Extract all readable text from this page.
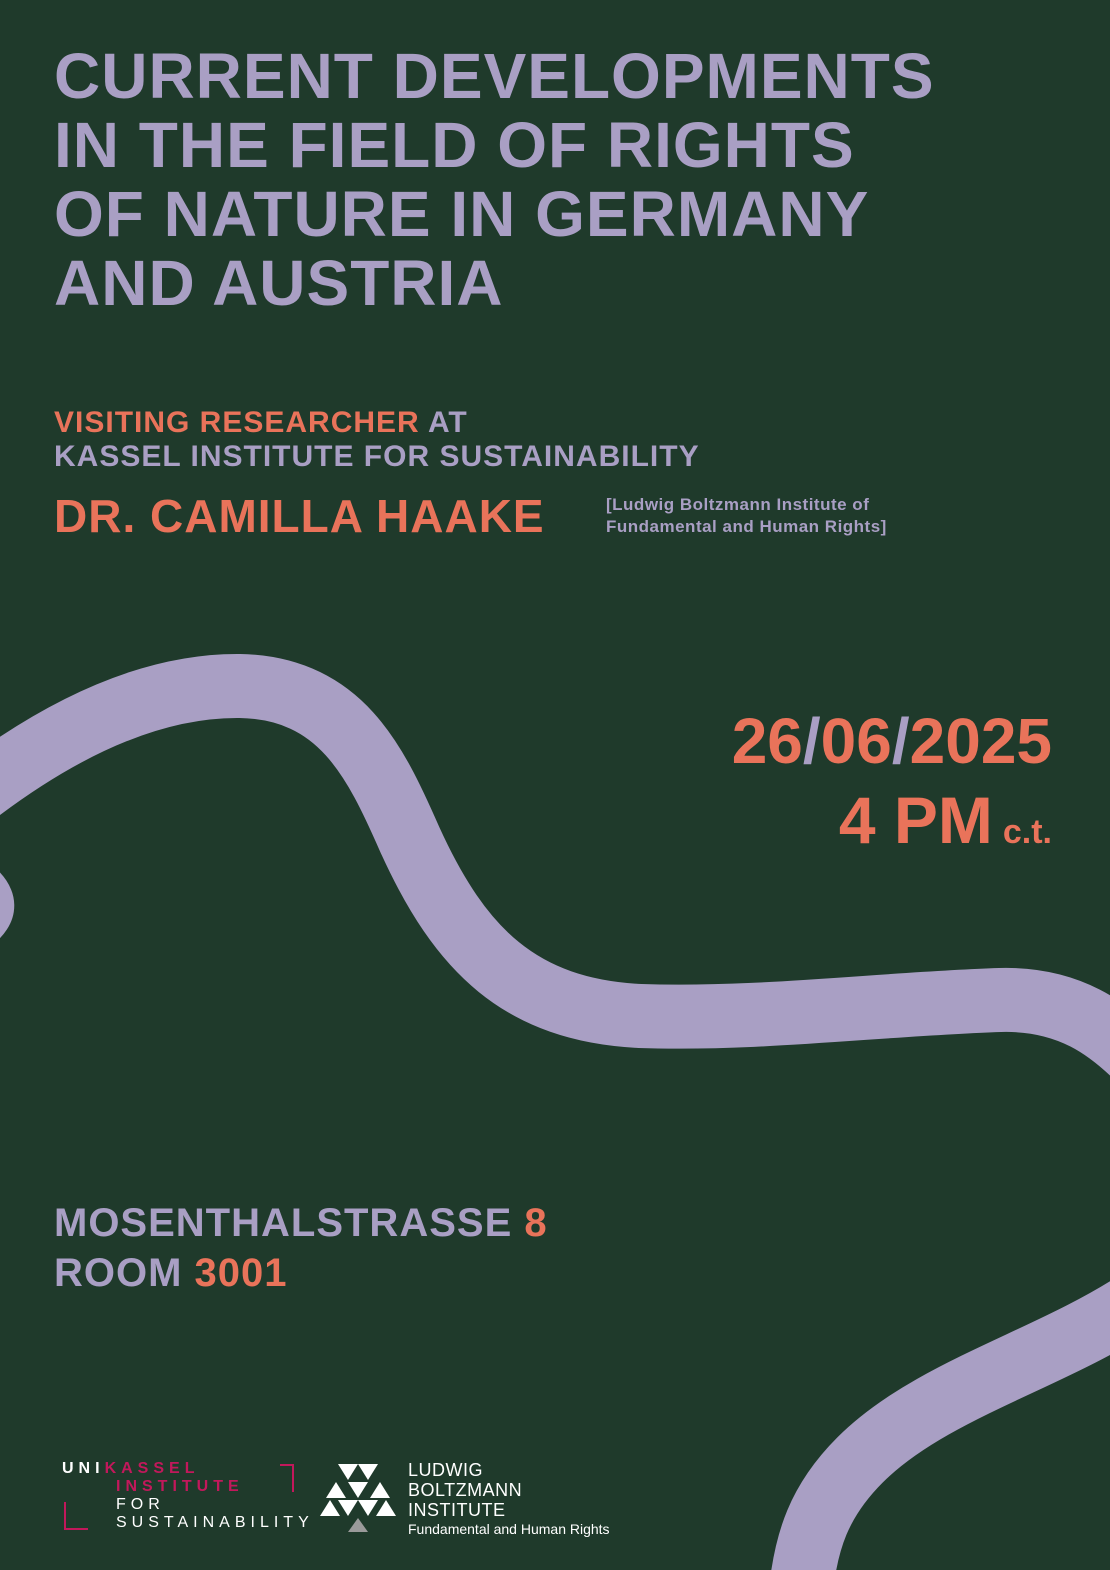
CURRENT DEVELOPMENTS
IN THE FIELD OF RIGHTS
OF NATURE IN GERMANY
AND AUSTRIA
VISITING RESEARCHER AT
KASSEL INSTITUTE FOR SUSTAINABILITY
DR. CAMILLA HAAKE	[Ludwig Boltzmann Institute of
Fundamental and Human Rights]
26/06/2025
4 PM c.t.
MOSENTHALSTRASSE 8
ROOM 3001
UNIKASSEL
INSTITUTE
FOR
SUSTAINABILITY
LUDWIG
BOLTZMANN
INSTITUTE
Fundamental and Human Rights
